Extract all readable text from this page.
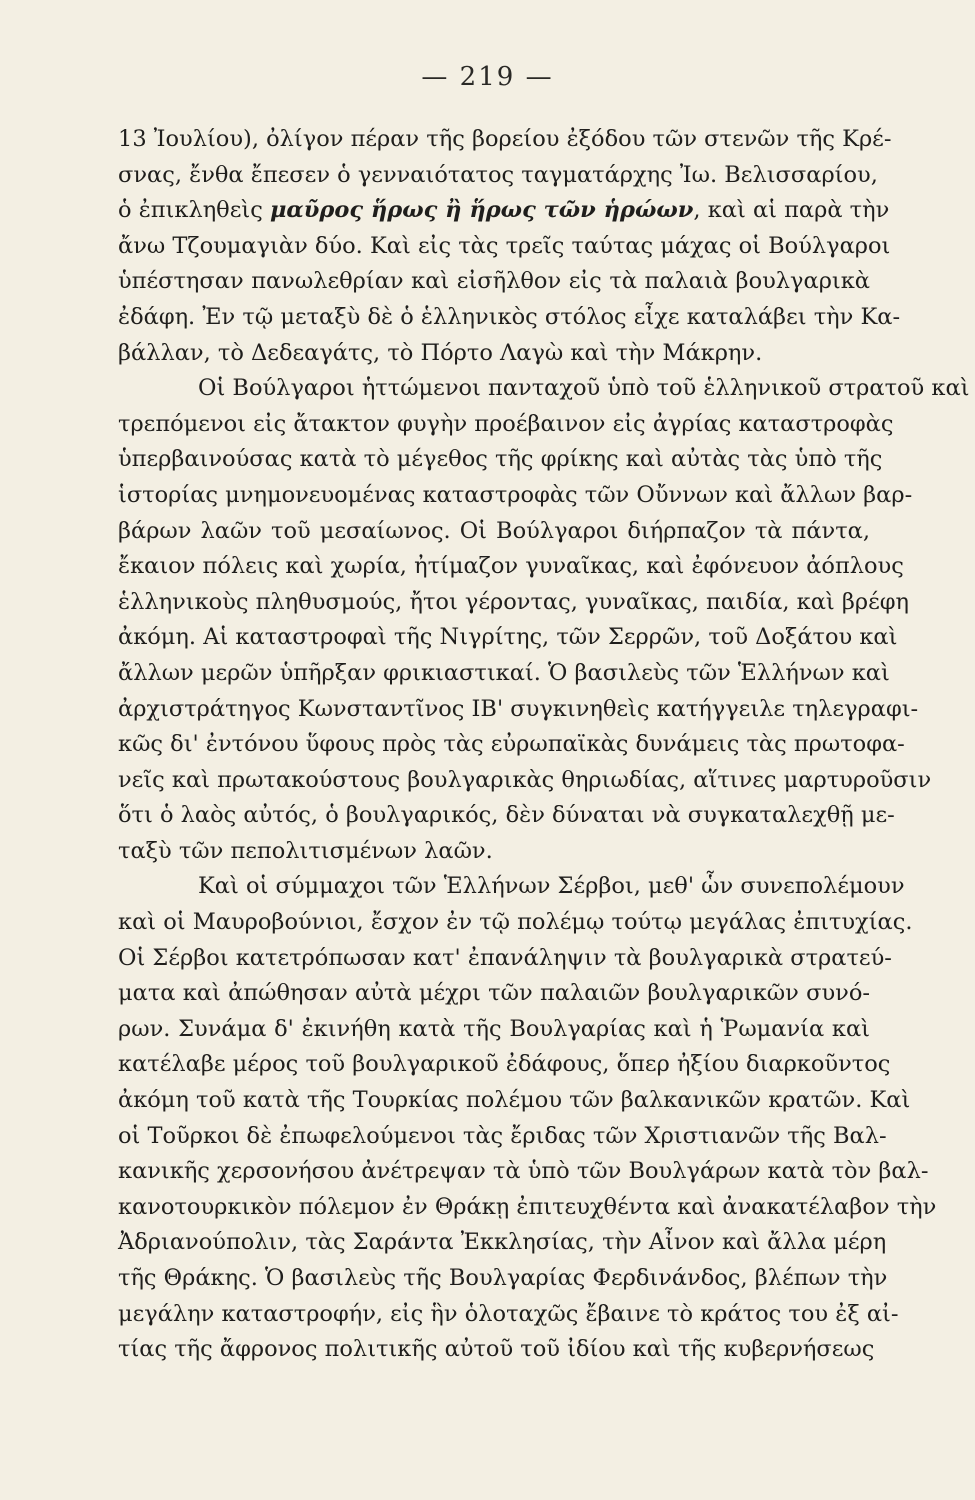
— 219 —
13 Ἰουλίου), ὀλίγον πέραν τῆς βορείου ἐξόδου τῶν στενῶν τῆς Κρέ-
σνας, ἔνθα ἔπεσεν ὁ γενναιότατος ταγματάρχης Ἰω. Βελισσαρίου,
ὁ ἐπικληθεὶς μαῦρος ἥρως ἢ ἥρως τῶν ἡρώων, καὶ αἱ παρὰ τὴν
ἄνω Τζουμαγιὰν δύο. Καὶ εἰς τὰς τρεῖς ταύτας μάχας οἱ Βούλγαροι
ὑπέστησαν πανωλεθρίαν καὶ εἰσῆλθον εἰς τὰ παλαιὰ βουλγαρικὰ
ἐδάφη. Ἐν τῷ μεταξὺ δὲ ὁ ἑλληνικὸς στόλος εἶχε καταλάβει τὴν Κα-
βάλλαν, τὸ Δεδεαγάτς, τὸ Πόρτο Λαγὼ καὶ τὴν Μάκρην.
Οἱ Βούλγαροι ἡττώμενοι πανταχοῦ ὑπὸ τοῦ ἑλληνικοῦ στρατοῦ καὶ
τρεπόμενοι εἰς ἄτακτον φυγὴν προέβαινον εἰς ἀγρίας καταστροφὰς
ὑπερβαινούσας κατὰ τὸ μέγεθος τῆς φρίκης καὶ αὐτὰς τὰς ὑπὸ τῆς
ἱστορίας μνημονευομένας καταστροφὰς τῶν Οὔννων καὶ ἄλλων βαρ-
βάρων λαῶν τοῦ μεσαίωνος. Οἱ Βούλγαροι διήρπαζον τὰ πάντα,
ἔκαιον πόλεις καὶ χωρία, ἠτίμαζον γυναῖκας, καὶ ἐφόνευον ἀόπλους
ἑλληνικοὺς πληθυσμούς, ἤτοι γέροντας, γυναῖκας, παιδία, καὶ βρέφη
ἀκόμη. Αἱ καταστροφαὶ τῆς Νιγρίτης, τῶν Σερρῶν, τοῦ Δοξάτου καὶ
ἄλλων μερῶν ὑπῆρξαν φρικιαστικαί. Ὁ βασιλεὺς τῶν Ἑλλήνων καὶ
ἀρχιστράτηγος Κωνσταντῖνος ΙΒ' συγκινηθεὶς κατήγγειλε τηλεγραφι-
κῶς δι' ἐντόνου ὕφους πρὸς τὰς εὐρωπαϊκὰς δυνάμεις τὰς πρωτοφα-
νεῖς καὶ πρωτακούστους βουλγαρικὰς θηριωδίας, αἵτινες μαρτυροῦσιν
ὅτι ὁ λαὸς αὐτός, ὁ βουλγαρικός, δὲν δύναται νὰ συγκαταλεχθῇ με-
ταξὺ τῶν πεπολιτισμένων λαῶν.
Καὶ οἱ σύμμαχοι τῶν Ἑλλήνων Σέρβοι, μεθ' ὧν συνεπολέμουν
καὶ οἱ Μαυροβούνιοι, ἔσχον ἐν τῷ πολέμῳ τούτῳ μεγάλας ἐπιτυχίας.
Οἱ Σέρβοι κατετρόπωσαν κατ' ἐπανάληψιν τὰ βουλγαρικὰ στρατεύ-
ματα καὶ ἀπώθησαν αὐτὰ μέχρι τῶν παλαιῶν βουλγαρικῶν συνό-
ρων. Συνάμα δ' ἐκινήθη κατὰ τῆς Βουλγαρίας καὶ ἡ Ῥωμανία καὶ
κατέλαβε μέρος τοῦ βουλγαρικοῦ ἐδάφους, ὅπερ ἠξίου διαρκοῦντος
ἀκόμη τοῦ κατὰ τῆς Τουρκίας πολέμου τῶν βαλκανικῶν κρατῶν. Καὶ
οἱ Τοῦρκοι δὲ ἐπωφελούμενοι τὰς ἔριδας τῶν Χριστιανῶν τῆς Βαλ-
κανικῆς χερσονήσου ἀνέτρεψαν τὰ ὑπὸ τῶν Βουλγάρων κατὰ τὸν βαλ-
κανοτουρκικὸν πόλεμον ἐν Θράκῃ ἐπιτευχθέντα καὶ ἀνακατέλαβον τὴν
Ἀδριανούπολιν, τὰς Σαράντα Ἐκκλησίας, τὴν Αἶνον καὶ ἄλλα μέρη
τῆς Θράκης. Ὁ βασιλεὺς τῆς Βουλγαρίας Φερδινάνδος, βλέπων τὴν
μεγάλην καταστροφήν, εἰς ἣν ὁλοταχῶς ἔβαινε τὸ κράτος του ἐξ αἰ-
τίας τῆς ἄφρονος πολιτικῆς αὐτοῦ τοῦ ἰδίου καὶ τῆς κυβερνήσεως
